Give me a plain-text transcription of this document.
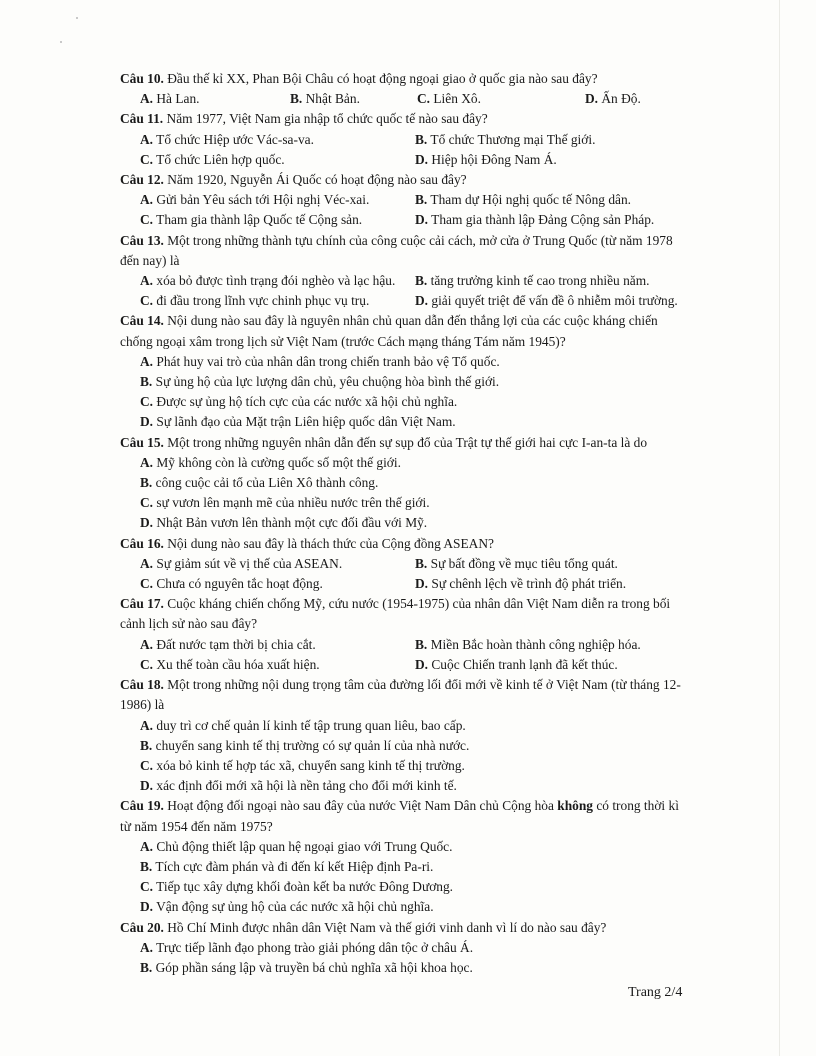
Câu 10. Đầu thế kỉ XX, Phan Bội Châu có hoạt động ngoại giao ở quốc gia nào sau đây?
A. Hà Lan.	B. Nhật Bản.	C. Liên Xô.	D. Ấn Độ.
Câu 11. Năm 1977, Việt Nam gia nhập tổ chức quốc tế nào sau đây?
A. Tổ chức Hiệp ước Vác-sa-va.	B. Tổ chức Thương mại Thế giới.
C. Tổ chức Liên hợp quốc.	D. Hiệp hội Đông Nam Á.
Câu 12. Năm 1920, Nguyễn Ái Quốc có hoạt động nào sau đây?
A. Gửi bản Yêu sách tới Hội nghị Véc-xai.	B. Tham dự Hội nghị quốc tế Nông dân.
C. Tham gia thành lập Quốc tế Cộng sản.	D. Tham gia thành lập Đảng Cộng sản Pháp.
Câu 13. Một trong những thành tựu chính của công cuộc cải cách, mở cửa ở Trung Quốc (từ năm 1978 đến nay) là
A. xóa bỏ được tình trạng đói nghèo và lạc hậu.	B. tăng trưởng kinh tế cao trong nhiều năm.
C. đi đầu trong lĩnh vực chinh phục vụ trụ.	D. giải quyết triệt để vấn đề ô nhiễm môi trường.
Câu 14. Nội dung nào sau đây là nguyên nhân chủ quan dẫn đến thắng lợi của các cuộc kháng chiến chống ngoại xâm trong lịch sử Việt Nam (trước Cách mạng tháng Tám năm 1945)?
A. Phát huy vai trò của nhân dân trong chiến tranh bảo vệ Tổ quốc.
B. Sự ủng hộ của lực lượng dân chủ, yêu chuộng hòa bình thế giới.
C. Được sự ủng hộ tích cực của các nước xã hội chủ nghĩa.
D. Sự lãnh đạo của Mặt trận Liên hiệp quốc dân Việt Nam.
Câu 15. Một trong những nguyên nhân dẫn đến sự sụp đổ của Trật tự thế giới hai cực I-an-ta là do
A. Mỹ không còn là cường quốc số một thế giới.
B. công cuộc cải tổ của Liên Xô thành công.
C. sự vươn lên mạnh mẽ của nhiều nước trên thế giới.
D. Nhật Bản vươn lên thành một cực đối đầu với Mỹ.
Câu 16. Nội dung nào sau đây là thách thức của Cộng đồng ASEAN?
A. Sự giảm sút về vị thế của ASEAN.	B. Sự bất đồng về mục tiêu tổng quát.
C. Chưa có nguyên tắc hoạt động.	D. Sự chênh lệch về trình độ phát triển.
Câu 17. Cuộc kháng chiến chống Mỹ, cứu nước (1954-1975) của nhân dân Việt Nam diễn ra trong bối cảnh lịch sử nào sau đây?
A. Đất nước tạm thời bị chia cắt.	B. Miền Bắc hoàn thành công nghiệp hóa.
C. Xu thế toàn cầu hóa xuất hiện.	D. Cuộc Chiến tranh lạnh đã kết thúc.
Câu 18. Một trong những nội dung trọng tâm của đường lối đổi mới về kinh tế ở Việt Nam (từ tháng 12-1986) là
A. duy trì cơ chế quản lí kinh tế tập trung quan liêu, bao cấp.
B. chuyển sang kinh tế thị trường có sự quản lí của nhà nước.
C. xóa bỏ kinh tế hợp tác xã, chuyển sang kinh tế thị trường.
D. xác định đổi mới xã hội là nền tảng cho đổi mới kinh tế.
Câu 19. Hoạt động đối ngoại nào sau đây của nước Việt Nam Dân chủ Cộng hòa không có trong thời kì từ năm 1954 đến năm 1975?
A. Chủ động thiết lập quan hệ ngoại giao với Trung Quốc.
B. Tích cực đàm phán và đi đến kí kết Hiệp định Pa-ri.
C. Tiếp tục xây dựng khối đoàn kết ba nước Đông Dương.
D. Vận động sự ủng hộ của các nước xã hội chủ nghĩa.
Câu 20. Hồ Chí Minh được nhân dân Việt Nam và thế giới vinh danh vì lí do nào sau đây?
A. Trực tiếp lãnh đạo phong trào giải phóng dân tộc ở châu Á.
B. Góp phần sáng lập và truyền bá chủ nghĩa xã hội khoa học.
Trang 2/4
